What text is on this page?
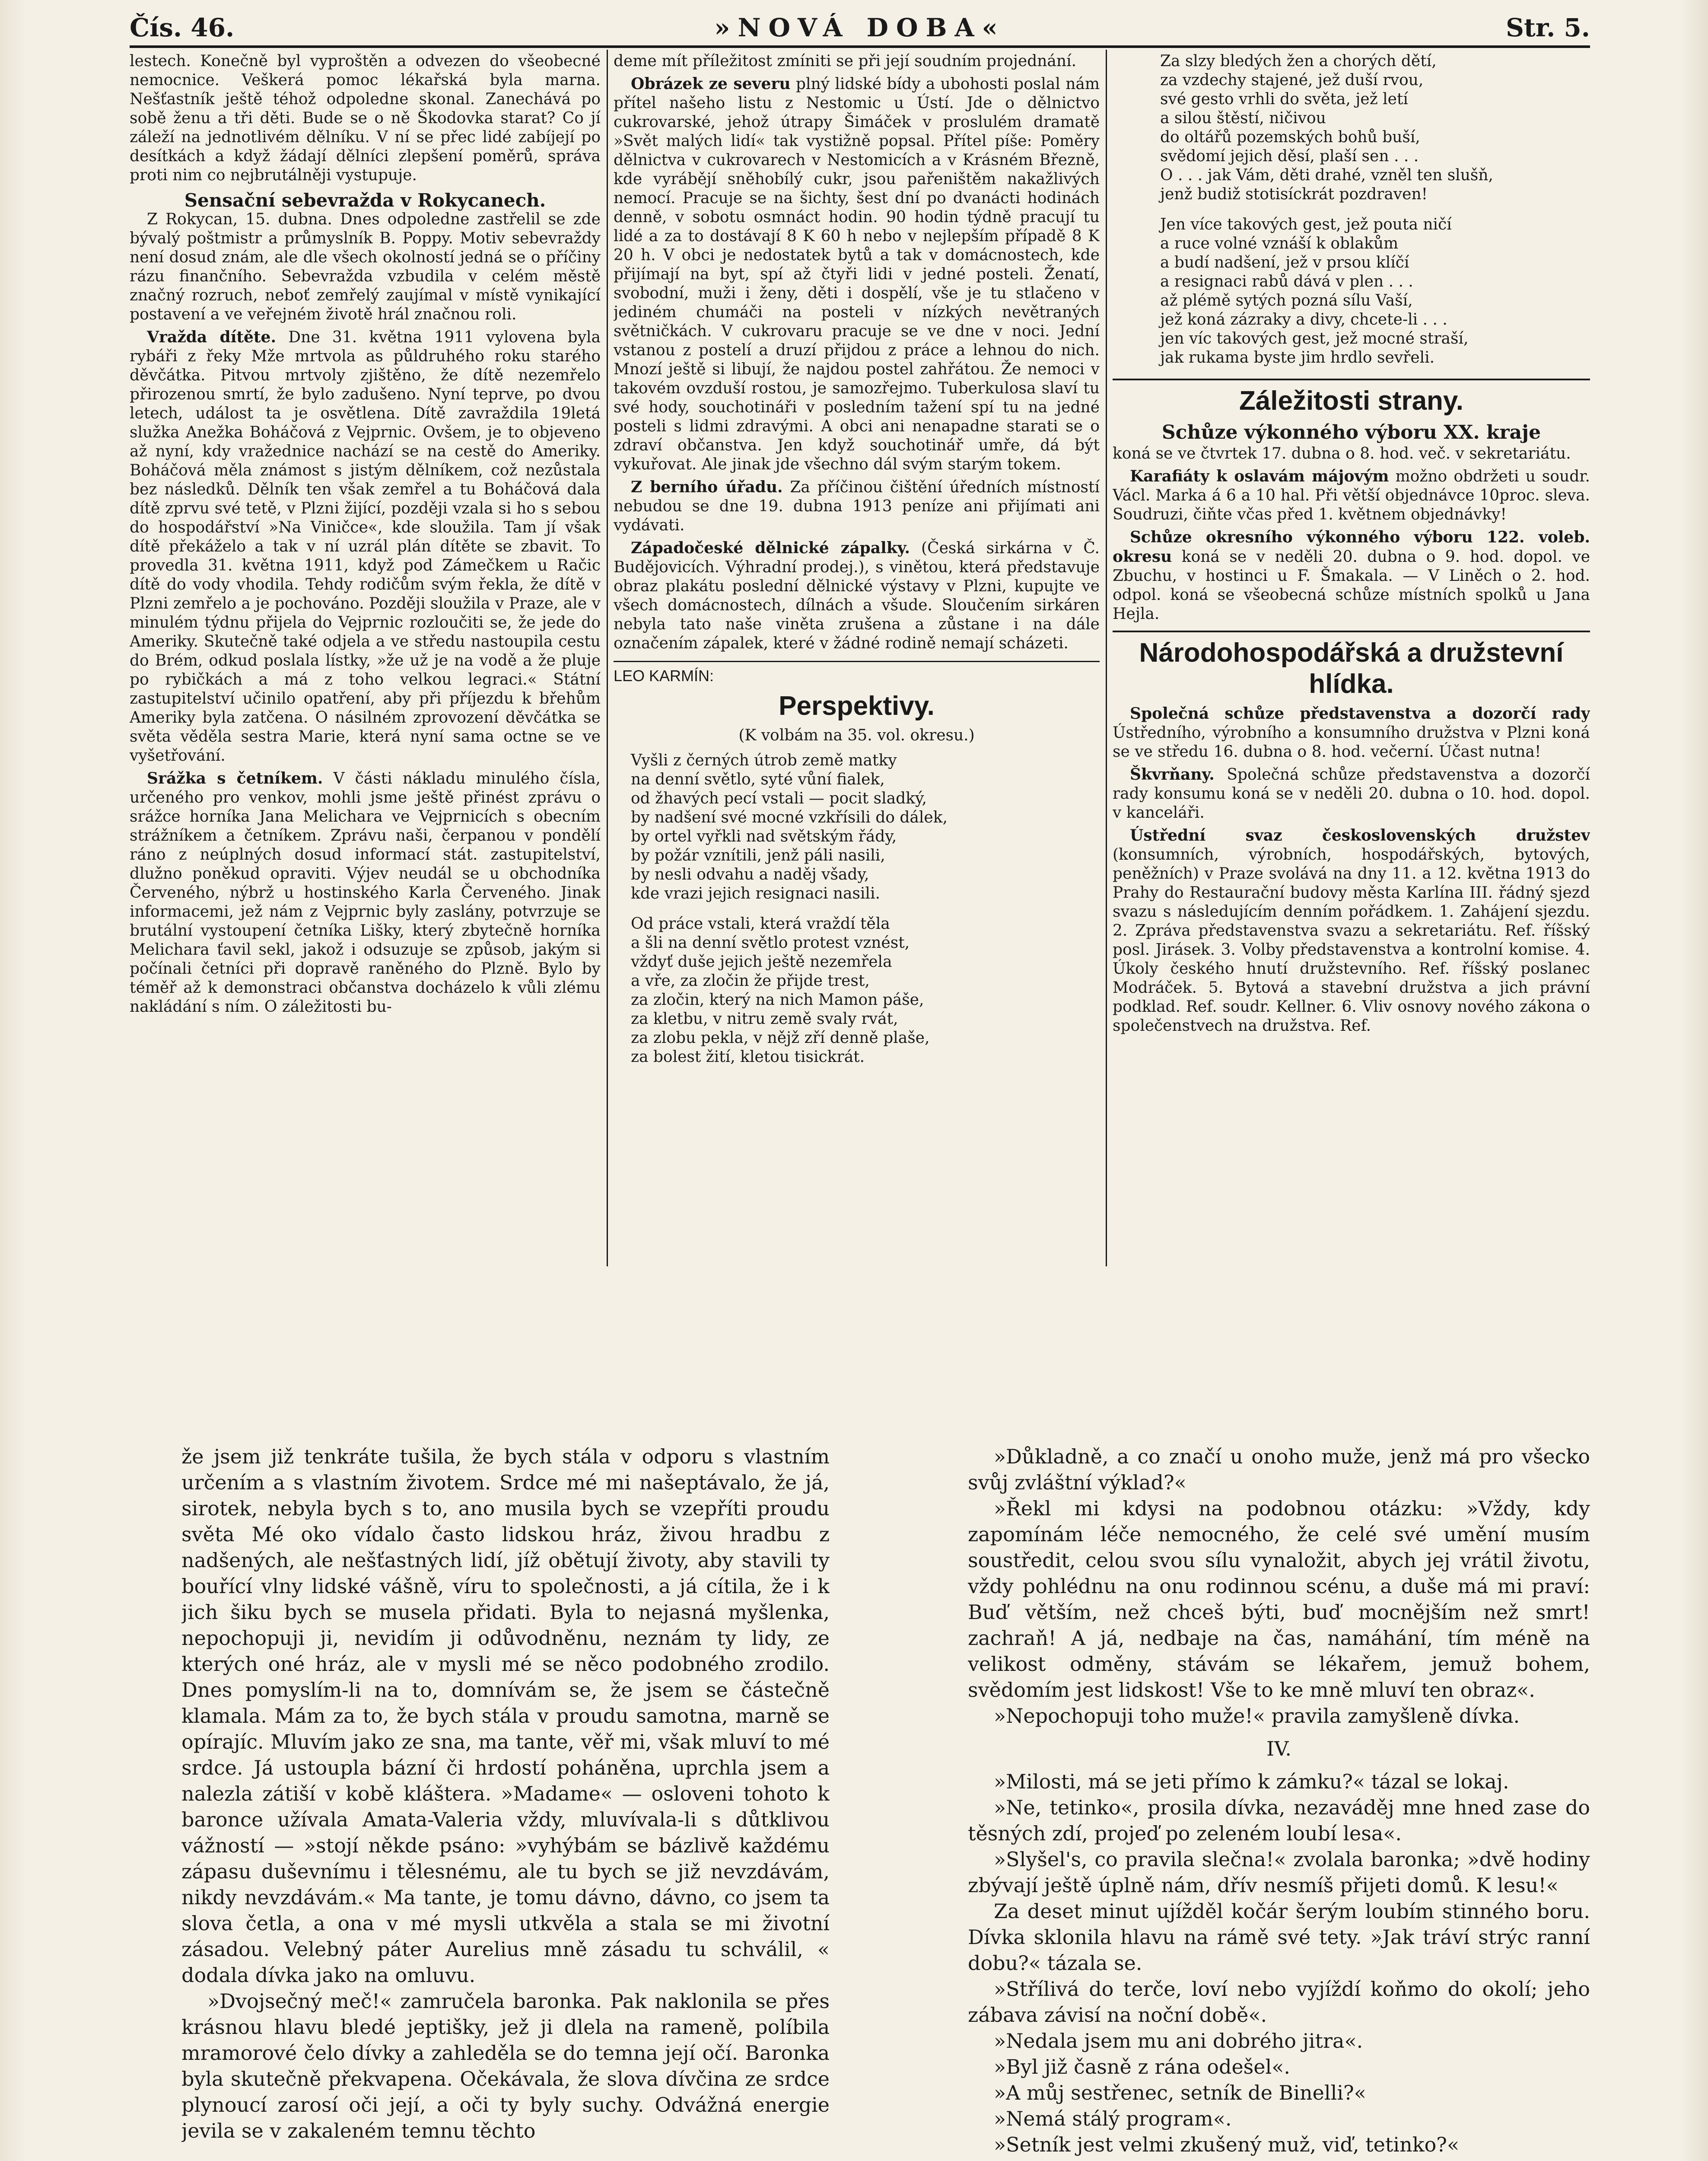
Čís. 46.	»NOVÁ DOBA«	Str. 5.

lestech. Konečně byl vyproštěn a odvezen do všeobecné nemocnice. Veškerá pomoc lékařská byla marna. Nešťastník ještě téhož odpoledne skonal. Zanechává po sobě ženu a tři děti. Bude se o ně Škodovka starat? Co jí záleží na jednotlivém dělníku. V ní se přec lidé zabíjejí po desítkách a když žádají dělníci zlepšení poměrů, správa proti nim co nejbrutálněji vystupuje.

Sensační sebevražda v Rokycanech.

Z Rokycan, 15. dubna. Dnes odpoledne zastřelil se zde bývalý poštmistr a průmyslník B. Poppy. Motiv sebevraždy není dosud znám, ale dle všech okolností jedná se o příčiny rázu finančního. Sebevražda vzbudila v celém městě značný rozruch, neboť zemřelý zaujímal v místě vynikající postavení a ve veřejném životě hrál značnou roli.

Vražda dítěte. Dne 31. května 1911 vylovena byla rybáři z řeky Mže mrtvola as půldruhého roku starého děvčátka. Pitvou mrtvoly zjištěno, že dítě nezemřelo přirozenou smrtí, že bylo zadušeno. Nyní teprve, po dvou letech, událost ta je osvětlena. Dítě zavraždila 19letá služka Anežka Boháčová z Vejprnic. Ovšem, je to objeveno až nyní, kdy vražednice nachází se na cestě do Ameriky. Boháčová měla známost s jistým dělníkem, což nezůstala bez následků. Dělník ten však zemřel a tu Boháčová dala dítě zprvu své tetě, v Plzni žijící, později vzala si ho s sebou do hospodářství »Na Viničce«, kde sloužila. Tam jí však dítě překáželo a tak v ní uzrál plán dítěte se zbavit. To provedla 31. května 1911, když pod Zámečkem u Račic dítě do vody vhodila. Tehdy rodičům svým řekla, že dítě v Plzni zemřelo a je pochováno. Později sloužila v Praze, ale v minulém týdnu přijela do Vejprnic rozloučiti se, že jede do Ameriky. Skutečně také odjela a ve středu nastoupila cestu do Brém, odkud poslala lístky, »že už je na vodě a že pluje po rybičkách a má z toho velkou legraci.« Státní zastupitelství učinilo opatření, aby při příjezdu k břehům Ameriky byla zatčena. O násilném zprovození děvčátka se světa věděla sestra Marie, která nyní sama octne se ve vyšetřování.

Srážka s četníkem. V části nákladu minulého čísla, určeného pro venkov, mohli jsme ještě přinést zprávu o srážce horníka Jana Melichara ve Vejprnicích s obecním strážníkem a četníkem. Zprávu naši, čerpanou v pondělí ráno z neúplných dosud informací stát. zastupitelství, dlužno poněkud opraviti. Výjev neudál se u obchodníka Červeného, nýbrž u hostinského Karla Červeného. Jinak informacemi, jež nám z Vejprnic byly zaslány, potvrzuje se brutální vystoupení četníka Lišky, který zbytečně horníka Melichara ťavil sekl, jakož i odsuzuje se způsob, jakým si počínali četníci při dopravě raněného do Plzně. Bylo by téměř až k demonstraci občanstva docházelo k vůli zlému nakládání s ním. O záležitosti bu-

deme mít příležitost zmíniti se při její soudním projednání.

Obrázek ze severu plný lidské bídy a ubohosti poslal nám přítel našeho listu z Nestomic u Ústí. Jde o dělnictvo cukrovarské, jehož útrapy Šimáček v proslulém dramatě »Svět malých lidí« tak vystižně popsal. Přítel píše: Poměry dělnictva v cukrovarech v Nestomicích a v Krásném Březně, kde vyrábějí sněhobílý cukr, jsou pařeništěm nakažlivých nemocí. Pracuje se na šichty, šest dní po dvanácti hodinách denně, v sobotu osmnáct hodin. 90 hodin týdně pracují tu lidé a za to dostávají 8 K 60 h nebo v nejlepším případě 8 K 20 h. V obci je nedostatek bytů a tak v domácnostech, kde přijímají na byt, spí až čtyři lidi v jedné posteli. Ženatí, svobodní, muži i ženy, děti i dospělí, vše je tu stlačeno v jediném chumáči na posteli v nízkých nevětraných světničkách. V cukrovaru pracuje se ve dne v noci. Jední vstanou z postelí a druzí přijdou z práce a lehnou do nich. Mnozí ještě si libují, že najdou postel zahřátou. Že nemoci v takovém ovzduší rostou, je samozřejmo. Tuberkulosa slaví tu své hody, souchotináři v posledním tažení spí tu na jedné posteli s lidmi zdravými. A obci ani nenapadne starati se o zdraví občanstva. Jen když souchotinář umře, dá být vykuřovat. Ale jinak jde všechno dál svým starým tokem.

Z berního úřadu. Za příčinou čištění úředních místností nebudou se dne 19. dubna 1913 peníze ani přijímati ani vydávati.

Západočeské dělnické zápalky. (Česká sirkárna v Č. Budějovicích. Výhradní prodej.), s vinětou, která představuje obraz plakátu poslední dělnické výstavy v Plzni, kupujte ve všech domácnostech, dílnách a všude. Sloučením sirkáren nebyla tato naše viněta zrušena a zůstane i na dále označením zápalek, které v žádné rodině nemají scházeti.

LEO KARMÍN:

Perspektivy.

(K volbám na 35. vol. okresu.)

Vyšli z černých útrob země matky

na denní světlo, syté vůní fialek,

od žhavých pecí vstali — pocit sladký,

by nadšení své mocné vzkřísili do dálek,

by ortel vyřkli nad světským řády,

by požár vznítili, jenž páli nasili,

by nesli odvahu a naděj všady,

kde vrazi jejich resignaci nasili.

Od práce vstali, která vraždí těla

a šli na denní světlo protest vznést,

vždyť duše jejich ještě nezemřela

a vře, za zločin že přijde trest,

za zločin, který na nich Mamon páše,

za kletbu, v nitru země svaly rvát,

za zlobu pekla, v nějž zří denně plaše,

za bolest žití, kletou tisickrát.

Za slzy bledých žen a chorých dětí,

za vzdechy stajené, jež duší rvou,

své gesto vrhli do světa, jež letí

a silou štěstí, ničivou

do oltářů pozemských bohů buší,

svědomí jejich děsí, plaší sen . . .

O . . . jak Vám, děti drahé, vzněl ten slušň,

jenž budiž stotisíckrát pozdraven!

Jen více takových gest, jež pouta ničí

a ruce volné vznáší k oblakům

a budí nadšení, jež v prsou klíčí

a resignaci rabů dává v plen . . .

až plémě sytých pozná sílu Vaší,

jež koná zázraky a divy, chcete-li . . .

jen víc takových gest, jež mocné straší,

jak rukama byste jim hrdlo sevřeli.

Záležitosti strany.

Schůze výkonného výboru XX. kraje

koná se ve čtvrtek 17. dubna o 8. hod. več. v sekretariátu.

Karafiáty k oslavám májovým možno obdržeti u soudr. Václ. Marka á 6 a 10 hal. Při větší objednávce 10proc. sleva. Soudruzi, čiňte včas před 1. květnem objednávky!

Schůze okresního výkonného výboru 122. voleb. okresu koná se v neděli 20. dubna o 9. hod. dopol. ve Zbuchu, v hostinci u F. Šmakala. — V Liněch o 2. hod. odpol. koná se všeobecná schůze místních spolků u Jana Hejla.

Národohospodářská a družstevní hlídka.

Společná schůze představenstva a dozorčí rady Ústředního, výrobního a konsumního družstva v Plzni koná se ve středu 16. dubna o 8. hod. večerní. Účast nutna!

Škvrňany. Společná schůze představenstva a dozorčí rady konsumu koná se v neděli 20. dubna o 10. hod. dopol. v kanceláři.

Ústřední svaz československých družstev (konsumních, výrobních, hospodářských, bytových, peněžních) v Praze svolává na dny 11. a 12. května 1913 do Prahy do Restaurační budovy města Karlína III. řádný sjezd svazu s následujícím denním pořádkem. 1. Zahájení sjezdu. 2. Zpráva představenstva svazu a sekretariátu. Ref. říšský posl. Jirásek. 3. Volby představenstva a kontrolní komise. 4. Úkoly českého hnutí družstevního. Ref. říšský poslanec Modráček. 5. Bytová a stavební družstva a jich právní podklad. Ref. soudr. Kellner. 6. Vliv osnovy nového zákona o společenstvech na družstva. Ref.

že jsem již tenkráte tušila, že bych stála v odporu s vlastním určením a s vlastním životem. Srdce mé mi našeptávalo, že já, sirotek, nebyla bych s to, ano musila bych se vzepříti proudu světa Mé oko vídalo často lidskou hráz, živou hradbu z nadšených, ale nešťastných lidí, jíž obětují životy, aby stavili ty bouřící vlny lidské vášně, víru to společnosti, a já cítila, že i k jich šiku bych se musela přidati. Byla to nejasná myšlenka, nepochopuji ji, nevidím ji odůvodněnu, neznám ty lidy, ze kterých oné hráz, ale v mysli mé se něco podobného zrodilo. Dnes pomyslím-li na to, domnívám se, že jsem se částečně klamala. Mám za to, že bych stála v proudu samotna, marně se opírajíc. Mluvím jako ze sna, ma tante, věř mi, však mluví to mé srdce. Já ustoupla bázní či hrdostí poháněna, uprchla jsem a nalezla zátiší v kobě klášterа. »Madame« — osloveni tohoto k baronce užívala Amata-Valeria vždy, mluvívala-li s důtklivou vážností — »stojí někde psáno: »vyhýbám se bázlivě každému zápasu duševnímu i tělesnému, ale tu bych se již nevzdávám, nikdy nevzdávám.« Ma tante, je tomu dávno, dávno, co jsem ta slova četla, a ona v mé mysli utkvěla a stala se mi životní zásadou. Velebný páter Aurelius mně zásadu tu schválil, « dodala dívka jako na omluvu.

»Dvojsečný meč!« zamručela baronka. Pak naklonila se přes krásnou hlavu bledé jeptišky, jež ji dlela na rameně, políbila mramorové čelo dívky a zahleděla se do temna její očí. Baronka byla skutečně překvapena. Očekávala, že slova dívčina ze srdce plynoucí zarosí oči její, a oči ty byly suchy. Odvážná energie jevila se v zakaleném temnu těchto

»Důkladně, a co značí u onoho muže, jenž má pro všecko svůj zvláštní výklad?«

»Řekl mi kdysi na podobnou otázku: »Vždy, kdy zapomínám léče nemocného, že celé své umění musím soustředit, celou svou sílu vynaložit, abych jej vrátil životu, vždy pohlédnu na onu rodinnou scénu, a duše má mi praví: Buď větším, než chceš býti, buď mocnějším než smrt! zachraň! A já, nedbaje na čas, namáhání, tím méně na velikost odměny, stávám se lékařem, jemuž bohem, svědomím jest lidskost! Vše to ke mně mluví ten obraz«.

»Nepochopuji toho muže!« pravila zamyšleně dívka.

IV.

»Milosti, má se jeti přímo k zámku?« tázal se lokaj.

»Ne, tetinko«, prosila dívka, nezaváděj mne hned zase do těsných zdí, projeď po zeleném loubí lesa«.

»Slyšel's, co pravila slečna!« zvolala baronka; »dvě hodiny zbývají ještě úplně nám, dřív nesmíš přijeti domů. K lesu!«

Za deset minut ujížděl kočár šerým loubím stinného boru. Dívka sklonila hlavu na rámě své tety. »Jak tráví strýc ranní dobu?« tázala se.

»Střílivá do terče, loví nebo vyjíždí koňmo do okolí; jeho zábava závisí na noční době«.

»Nedala jsem mu ani dobrého jitra«.

»Byl již časně z rána odešel«.

»A můj sestřenec, setník de Binelli?«

»Nemá stálý program«.

»Setník jest velmi zkušený muž, viď, tetinko?«
